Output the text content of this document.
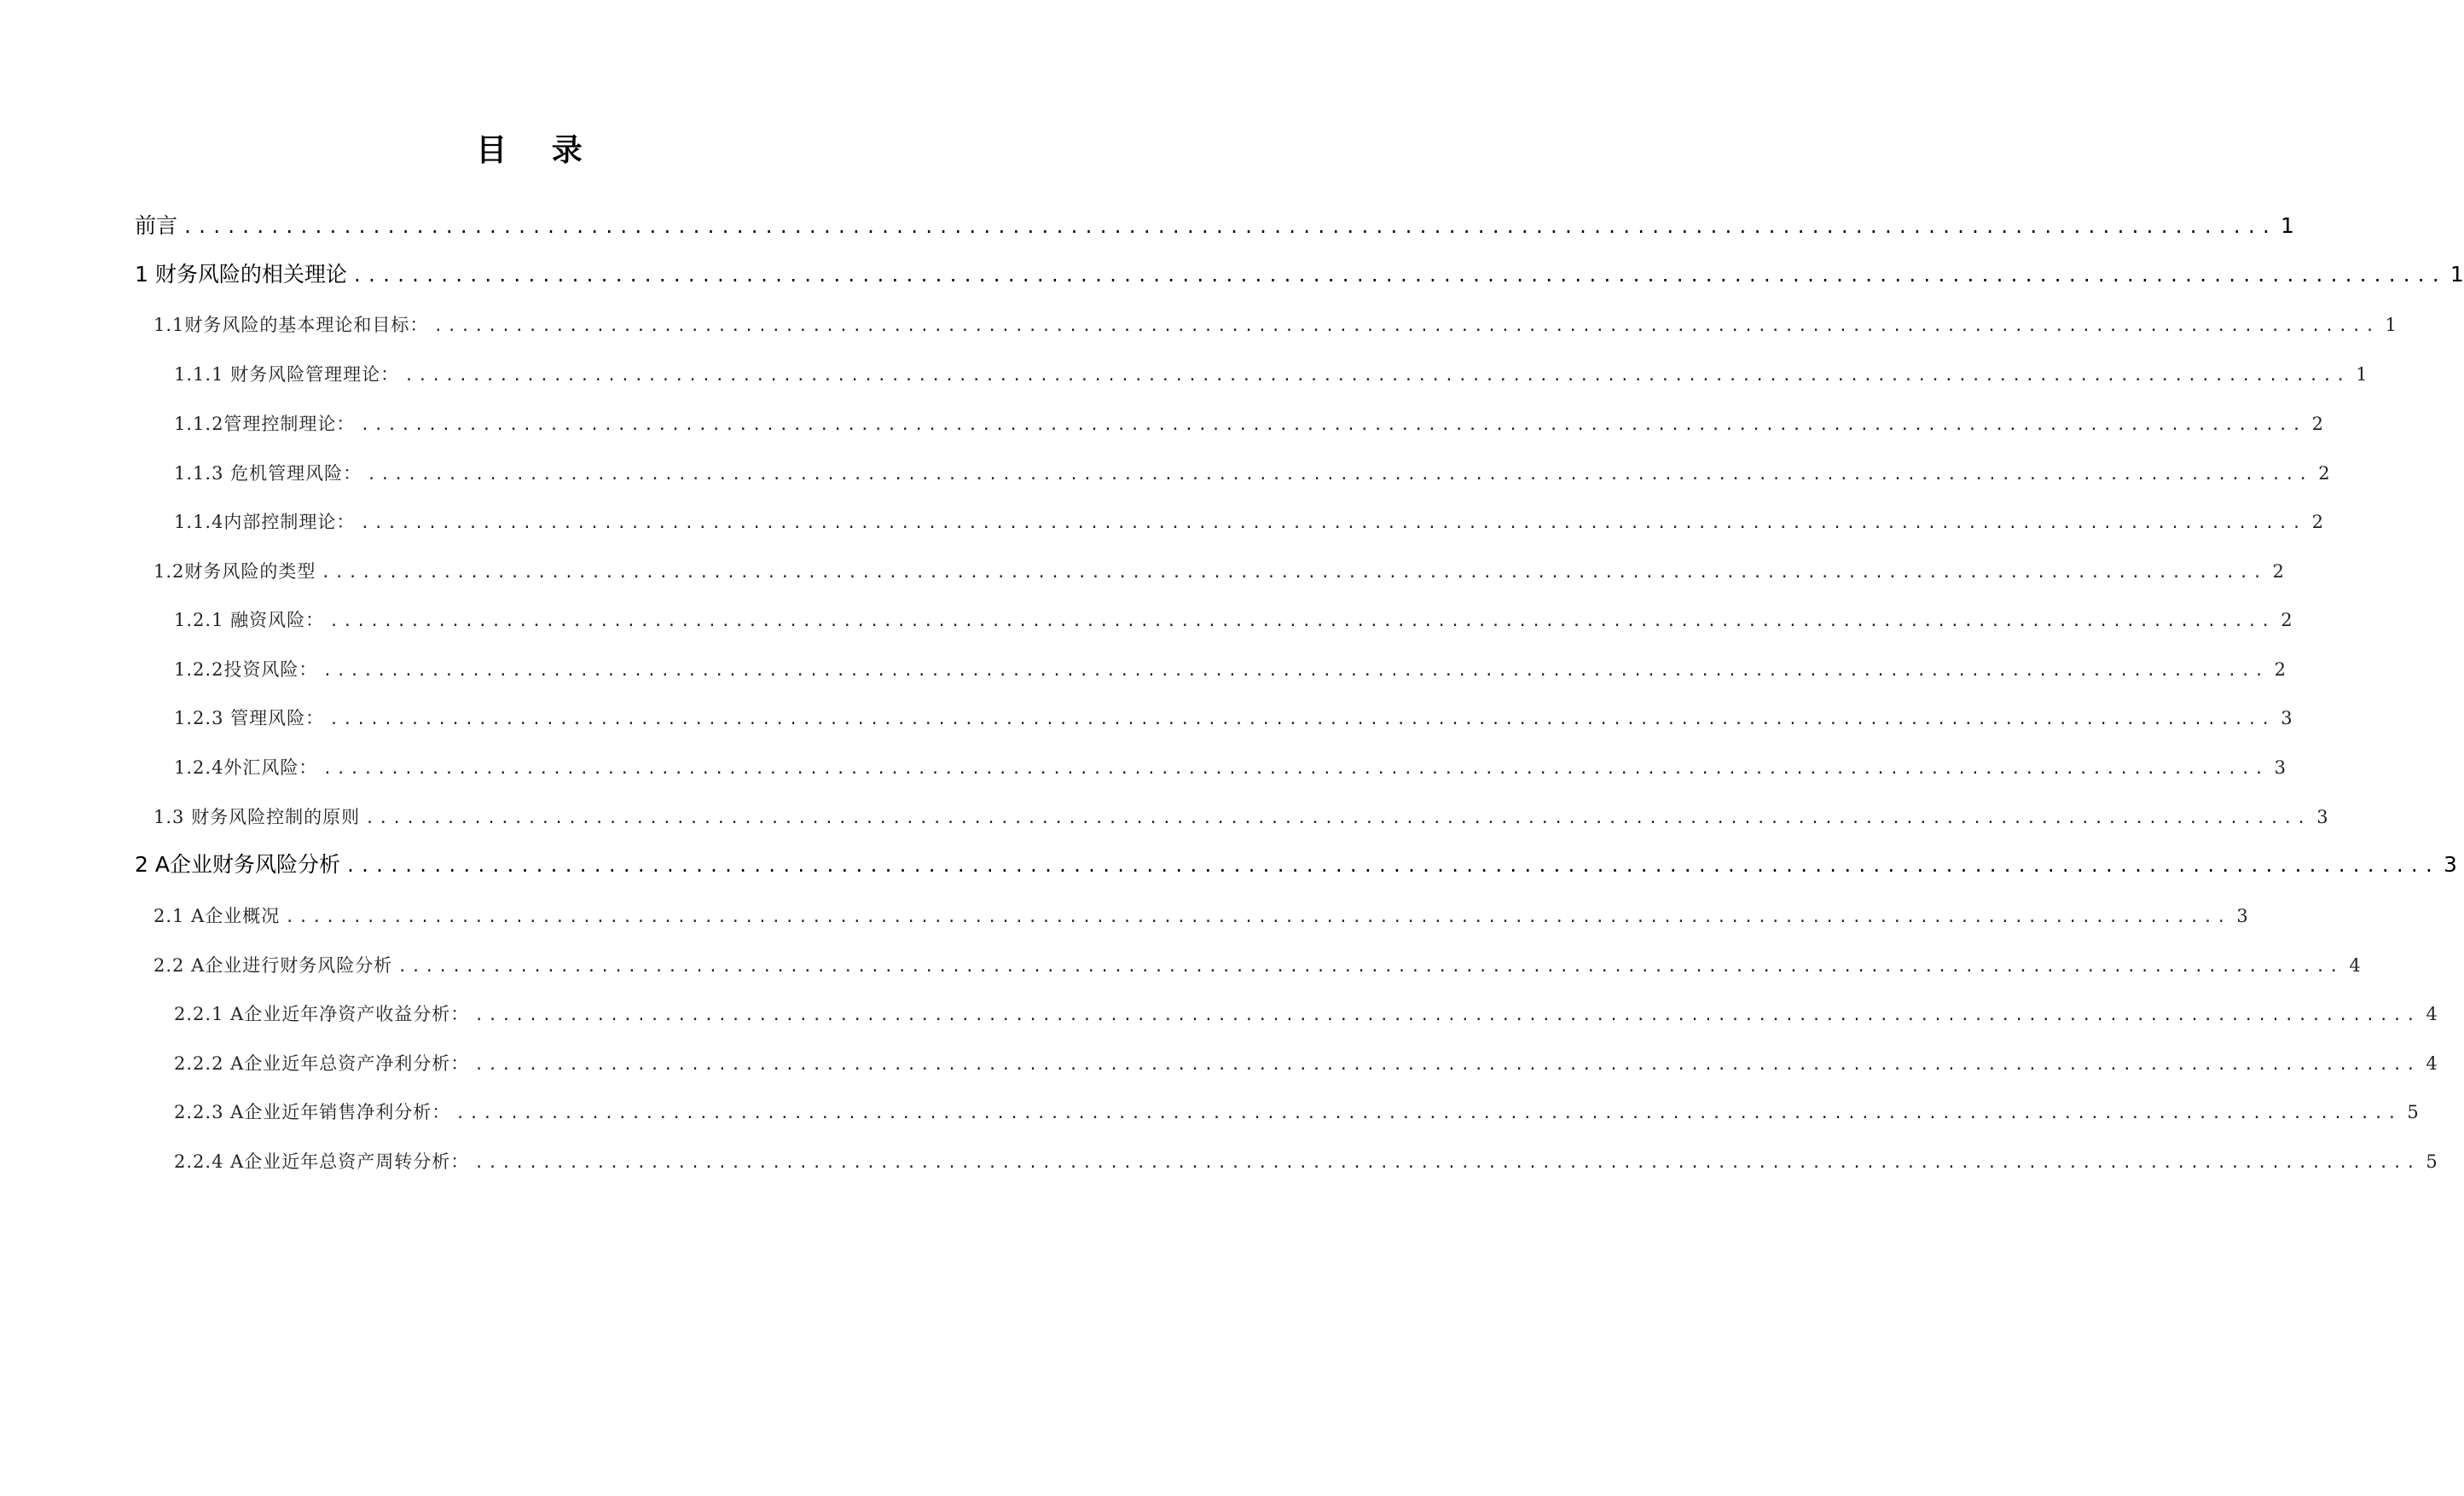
目 录
前言 ................................................................................................................................................ 1
1 财务风险的相关理论 ................................................................................................................................................ 1
1.1财务风险的基本理论和目标： ................................................................................................................................................ 1
1.1.1 财务风险管理理论： ................................................................................................................................................ 1
1.1.2管理控制理论： ................................................................................................................................................ 2
1.1.3 危机管理风险： ................................................................................................................................................ 2
1.1.4内部控制理论： ................................................................................................................................................ 2
1.2财务风险的类型 ................................................................................................................................................ 2
1.2.1 融资风险： ................................................................................................................................................ 2
1.2.2投资风险： ................................................................................................................................................ 2
1.2.3 管理风险： ................................................................................................................................................ 3
1.2.4外汇风险： ................................................................................................................................................ 3
1.3 财务风险控制的原则 ................................................................................................................................................ 3
2 A企业财务风险分析 ................................................................................................................................................ 3
2.1 A企业概况 ................................................................................................................................................ 3
2.2 A企业进行财务风险分析 ................................................................................................................................................ 4
2.2.1 A企业近年净资产收益分析： ................................................................................................................................................ 4
2.2.2 A企业近年总资产净利分析： ................................................................................................................................................ 4
2.2.3 A企业近年销售净利分析： ................................................................................................................................................ 5
2.2.4 A企业近年总资产周转分析： ................................................................................................................................................ 5
